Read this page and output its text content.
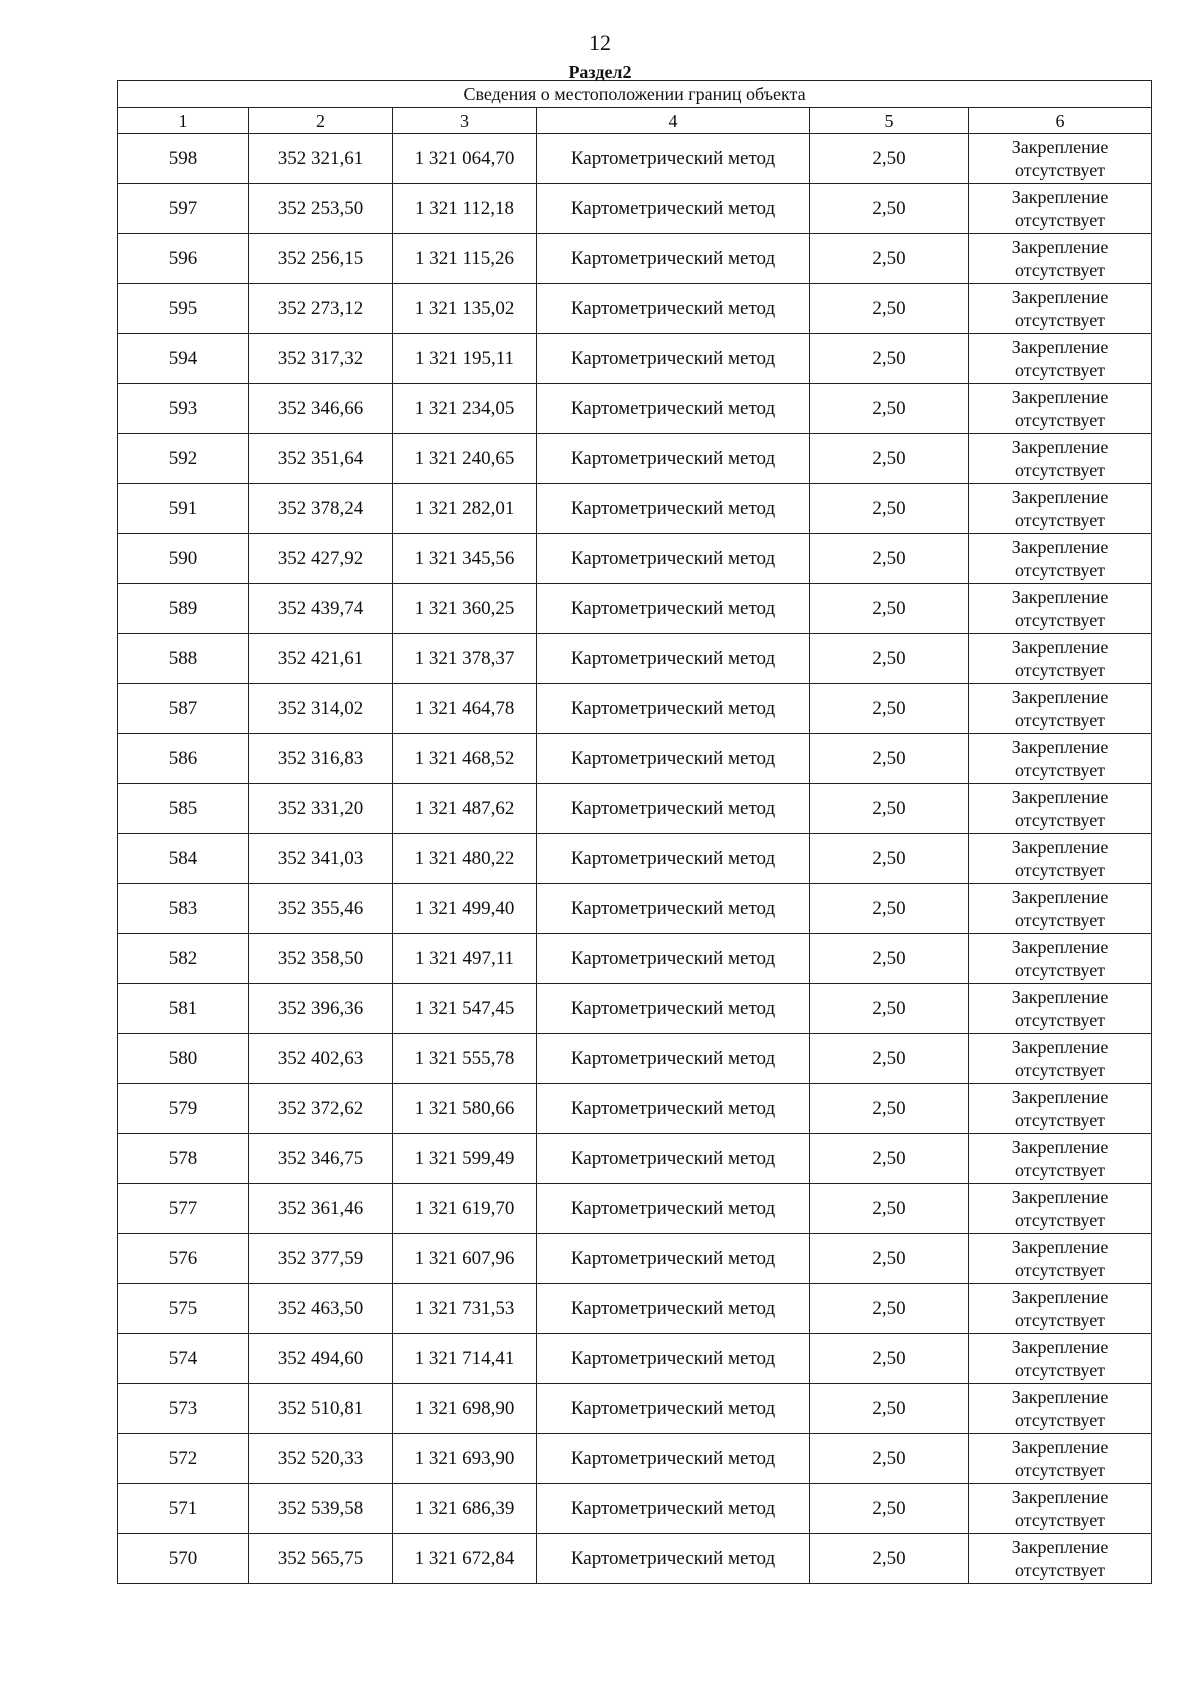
12
Раздел2
Сведения о местоположении границ объекта					
1	2	3	4	5	6
598	352 321,61	1 321 064,70	Картометрический метод	2,50	Закрепление
отсутствует

597	352 253,50	1 321 112,18	Картометрический метод	2,50	Закрепление
отсутствует

596	352 256,15	1 321 115,26	Картометрический метод	2,50	Закрепление
отсутствует

595	352 273,12	1 321 135,02	Картометрический метод	2,50	Закрепление
отсутствует

594	352 317,32	1 321 195,11	Картометрический метод	2,50	Закрепление
отсутствует

593	352 346,66	1 321 234,05	Картометрический метод	2,50	Закрепление
отсутствует

592	352 351,64	1 321 240,65	Картометрический метод	2,50	Закрепление
отсутствует

591	352 378,24	1 321 282,01	Картометрический метод	2,50	Закрепление
отсутствует

590	352 427,92	1 321 345,56	Картометрический метод	2,50	Закрепление
отсутствует

589	352 439,74	1 321 360,25	Картометрический метод	2,50	Закрепление
отсутствует

588	352 421,61	1 321 378,37	Картометрический метод	2,50	Закрепление
отсутствует

587	352 314,02	1 321 464,78	Картометрический метод	2,50	Закрепление
отсутствует

586	352 316,83	1 321 468,52	Картометрический метод	2,50	Закрепление
отсутствует

585	352 331,20	1 321 487,62	Картометрический метод	2,50	Закрепление
отсутствует

584	352 341,03	1 321 480,22	Картометрический метод	2,50	Закрепление
отсутствует

583	352 355,46	1 321 499,40	Картометрический метод	2,50	Закрепление
отсутствует

582	352 358,50	1 321 497,11	Картометрический метод	2,50	Закрепление
отсутствует

581	352 396,36	1 321 547,45	Картометрический метод	2,50	Закрепление
отсутствует

580	352 402,63	1 321 555,78	Картометрический метод	2,50	Закрепление
отсутствует

579	352 372,62	1 321 580,66	Картометрический метод	2,50	Закрепление
отсутствует

578	352 346,75	1 321 599,49	Картометрический метод	2,50	Закрепление
отсутствует

577	352 361,46	1 321 619,70	Картометрический метод	2,50	Закрепление
отсутствует

576	352 377,59	1 321 607,96	Картометрический метод	2,50	Закрепление
отсутствует

575	352 463,50	1 321 731,53	Картометрический метод	2,50	Закрепление
отсутствует

574	352 494,60	1 321 714,41	Картометрический метод	2,50	Закрепление
отсутствует

573	352 510,81	1 321 698,90	Картометрический метод	2,50	Закрепление
отсутствует

572	352 520,33	1 321 693,90	Картометрический метод	2,50	Закрепление
отсутствует

571	352 539,58	1 321 686,39	Картометрический метод	2,50	Закрепление
отсутствует

570	352 565,75	1 321 672,84	Картометрический метод	2,50	Закрепление
отсутствует
